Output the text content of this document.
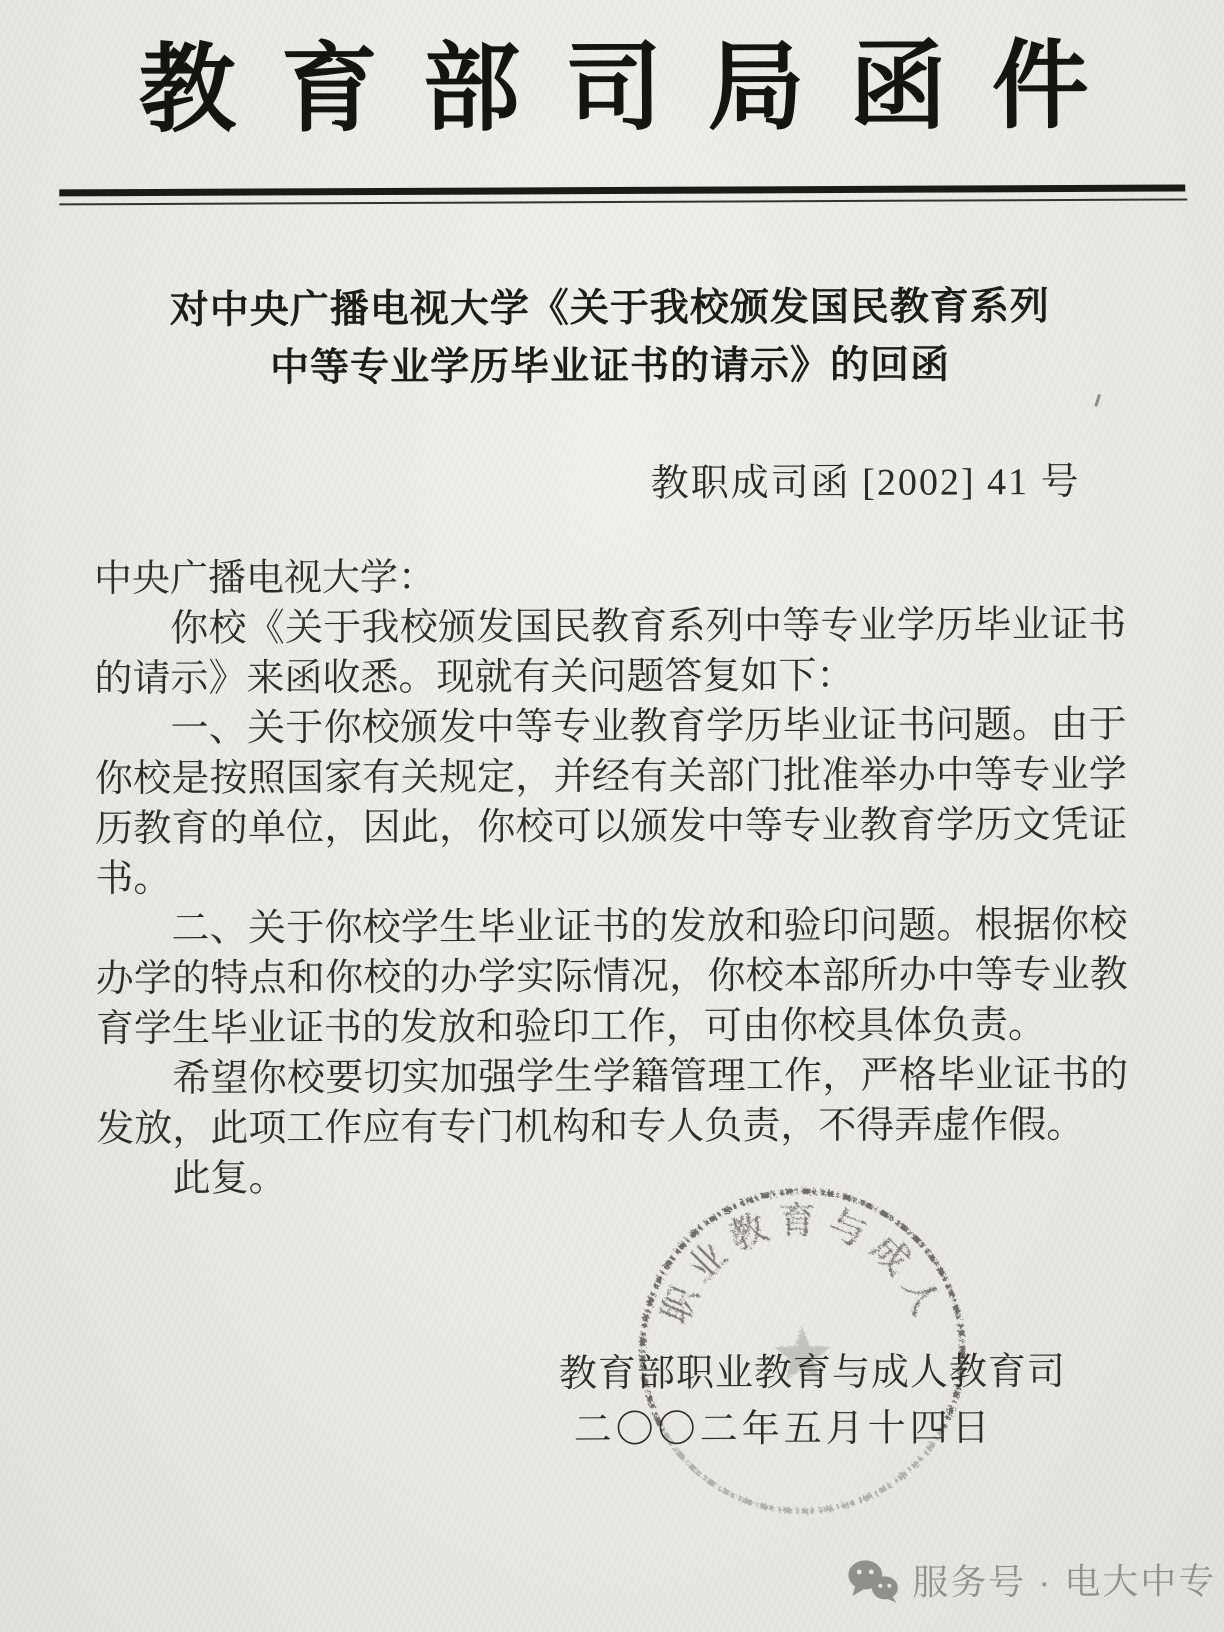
教 育 部 司 局 函 件
对中央广播电视大学《关于我校颁发国民教育系列
中等专业学历毕业证书的请示》的回函
教职成司函 [2002] 41 号
中央广播电视大学：
你校《关于我校颁发国民教育系列中等专业学历毕业证书
的请示》来函收悉。现就有关问题答复如下：
一、关于你校颁发中等专业教育学历毕业证书问题。由于
你校是按照国家有关规定，并经有关部门批准举办中等专业学
历教育的单位，因此，你校可以颁发中等专业教育学历文凭证
书。
二、关于你校学生毕业证书的发放和验印问题。根据你校
办学的特点和你校的办学实际情况，你校本部所办中等专业教
育学生毕业证书的发放和验印工作，可由你校具体负责。
希望你校要切实加强学生学籍管理工作，严格毕业证书的
发放，此项工作应有专门机构和专人负责，不得弄虚作假。
此复。
职业教育与成人
教育部职业教育与成人教育司
二〇〇二年五月十四日
服务号 · 电大中专
